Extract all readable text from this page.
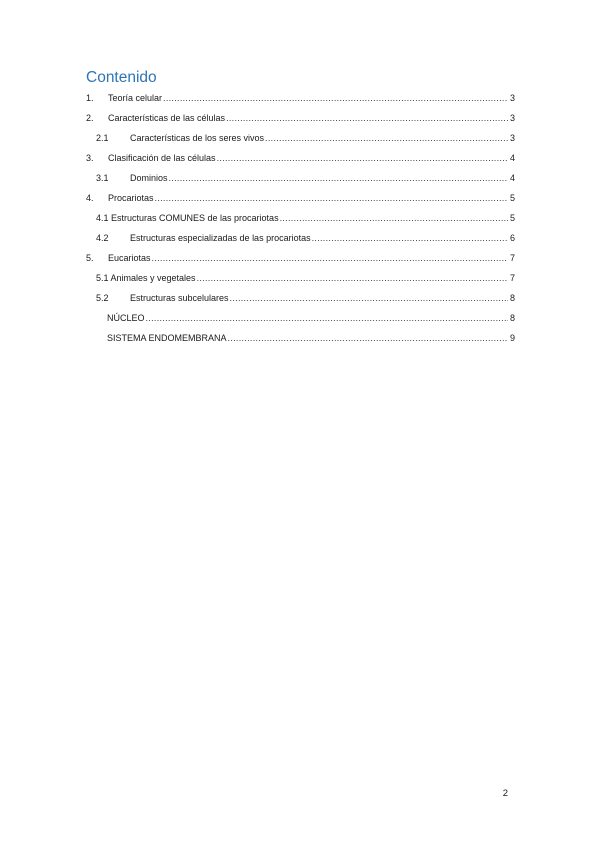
Contenido
1.	Teoría celular .....	3
2.	Características de las células .....	3
2.1	Características de los seres vivos .....	3
3.	Clasificación de las células .....	4
3.1	Dominios .....	4
4.	Procariotas .....	5
4.1 Estructuras COMUNES de las procariotas .....	5
4.2	Estructuras especializadas de las procariotas .....	6
5.	Eucariotas .....	7
5.1 Animales y vegetales .....	7
5.2	Estructuras subcelulares .....	8
NÚCLEO .....	8
SISTEMA ENDOMEMBRANA .....	9
2
